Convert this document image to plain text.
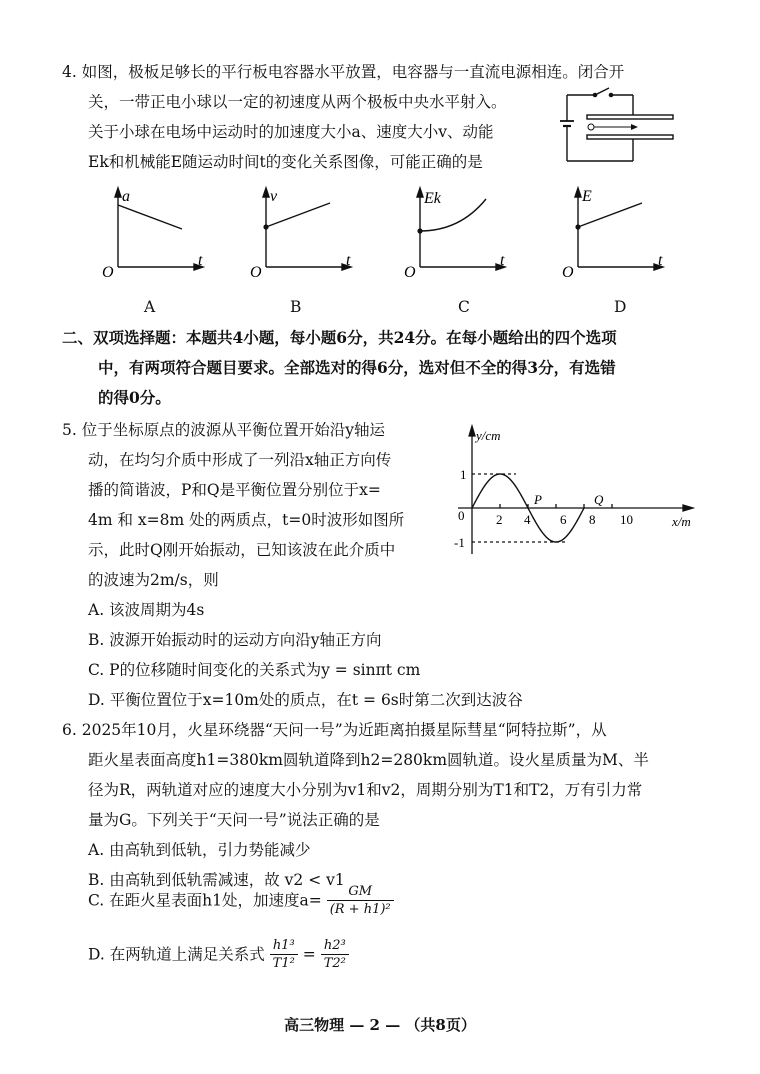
4. 如图，极板足够长的平行板电容器水平放置，电容器与一直流电源相连。闭合开
关，一带正电小球以一定的初速度从两个极板中央水平射入。
关于小球在电场中运动时的加速度大小a、速度大小v、动能
Ek和机械能E随运动时间t的变化关系图像，可能正确的是
a
O
t
A
v
O
t
B
Ek
O
t
C
E
O
t
D
二、双项选择题：本题共4小题，每小题6分，共24分。在每小题给出的四个选项
中，有两项符合题目要求。全部选对的得6分，选对但不全的得3分，有选错
的得0分。
5. 位于坐标原点的波源从平衡位置开始沿y轴运
动，在均匀介质中形成了一列沿x轴正方向传
播的简谐波，P和Q是平衡位置分别位于x=
4m 和 x=8m 处的两质点，t=0时波形如图所
示，此时Q刚开始振动，已知该波在此介质中
的波速为2m/s，则
y/cm
x/m
0
1
-1
2 4 6 8 10
P	Q
A. 该波周期为4s
B. 波源开始振动时的运动方向沿y轴正方向
C. P的位移随时间变化的关系式为y = sinπt cm
D. 平衡位置位于x=10m处的质点，在t = 6s时第二次到达波谷
6. 2025年10月，火星环绕器“天问一号”为近距离拍摄星际彗星“阿特拉斯”，从
距火星表面高度h1=380km圆轨道降到h2=280km圆轨道。设火星质量为M、半
径为R，两轨道对应的速度大小分别为v1和v2，周期分别为T1和T2，万有引力常
量为G。下列关于“天问一号”说法正确的是
A. 由高轨到低轨，引力势能减少
B. 由高轨到低轨需减速，故 v2 < v1
C. 在距火星表面h1处，加速度$a= \frac{GM}{\text{(R + h1)²}}$
D. 在两轨道上满足关系式 $\frac{\text{h1³}}{\text{T1²}} = \frac{\text{h2³}}{\text{T2²}}$
高三物理 — 2 — （共8页）
